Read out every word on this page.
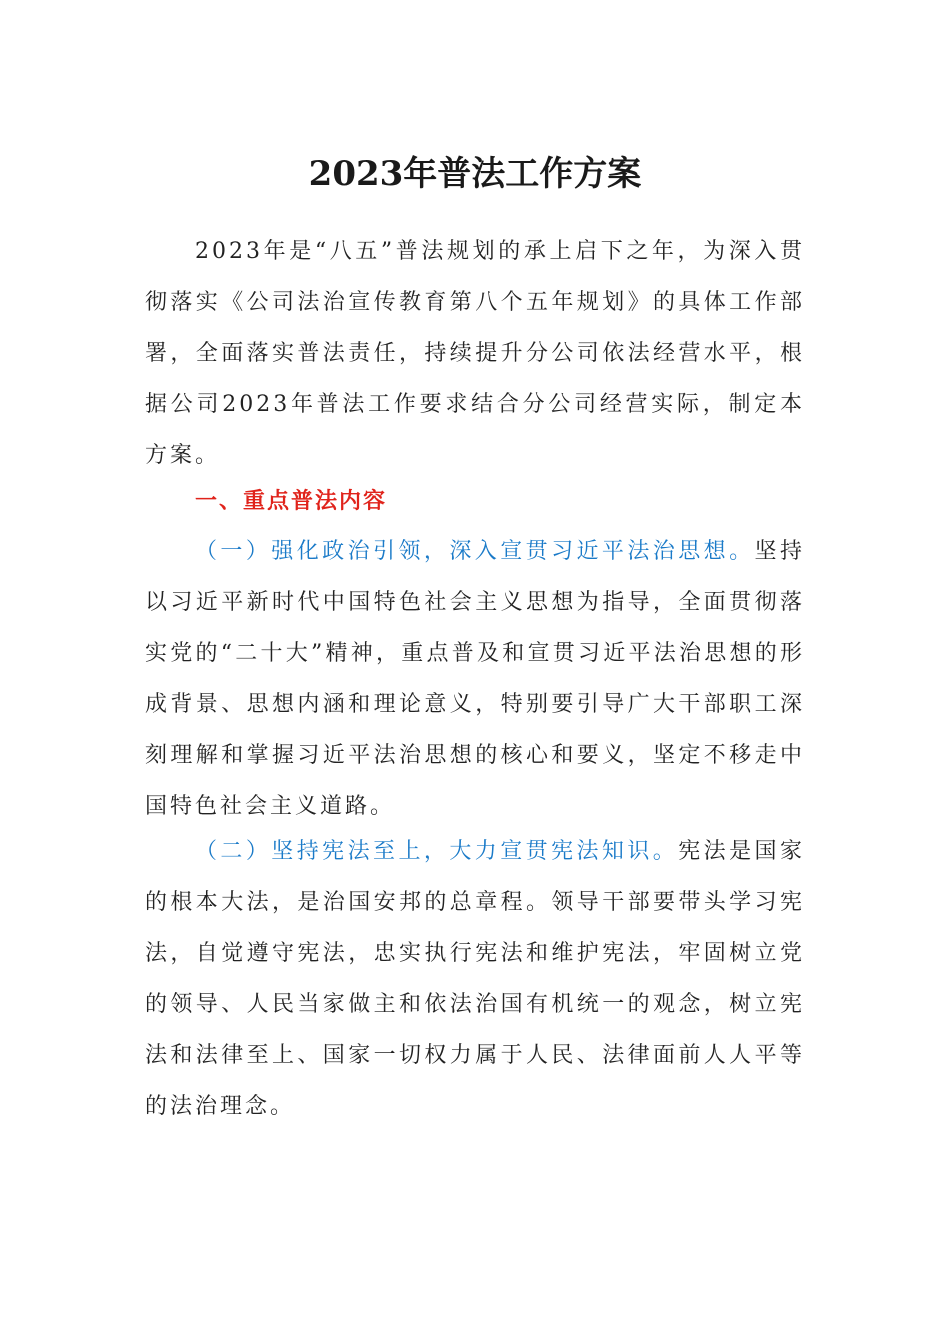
2023年普法工作方案

2023年是“八五”普法规划的承上启下之年，为深入贯彻落实《公司法治宣传教育第八个五年规划》的具体工作部署，全面落实普法责任，持续提升分公司依法经营水平，根据公司2023年普法工作要求结合分公司经营实际，制定本方案。

一、重点普法内容

（一）强化政治引领，深入宣贯习近平法治思想。坚持以习近平新时代中国特色社会主义思想为指导，全面贯彻落实党的“二十大”精神，重点普及和宣贯习近平法治思想的形成背景、思想内涵和理论意义，特别要引导广大干部职工深刻理解和掌握习近平法治思想的核心和要义，坚定不移走中国特色社会主义道路。

（二）坚持宪法至上，大力宣贯宪法知识。宪法是国家的根本大法，是治国安邦的总章程。领导干部要带头学习宪法，自觉遵守宪法，忠实执行宪法和维护宪法，牢固树立党的领导、人民当家做主和依法治国有机统一的观念，树立宪法和法律至上、国家一切权力属于人民、法律面前人人平等的法治理念。
